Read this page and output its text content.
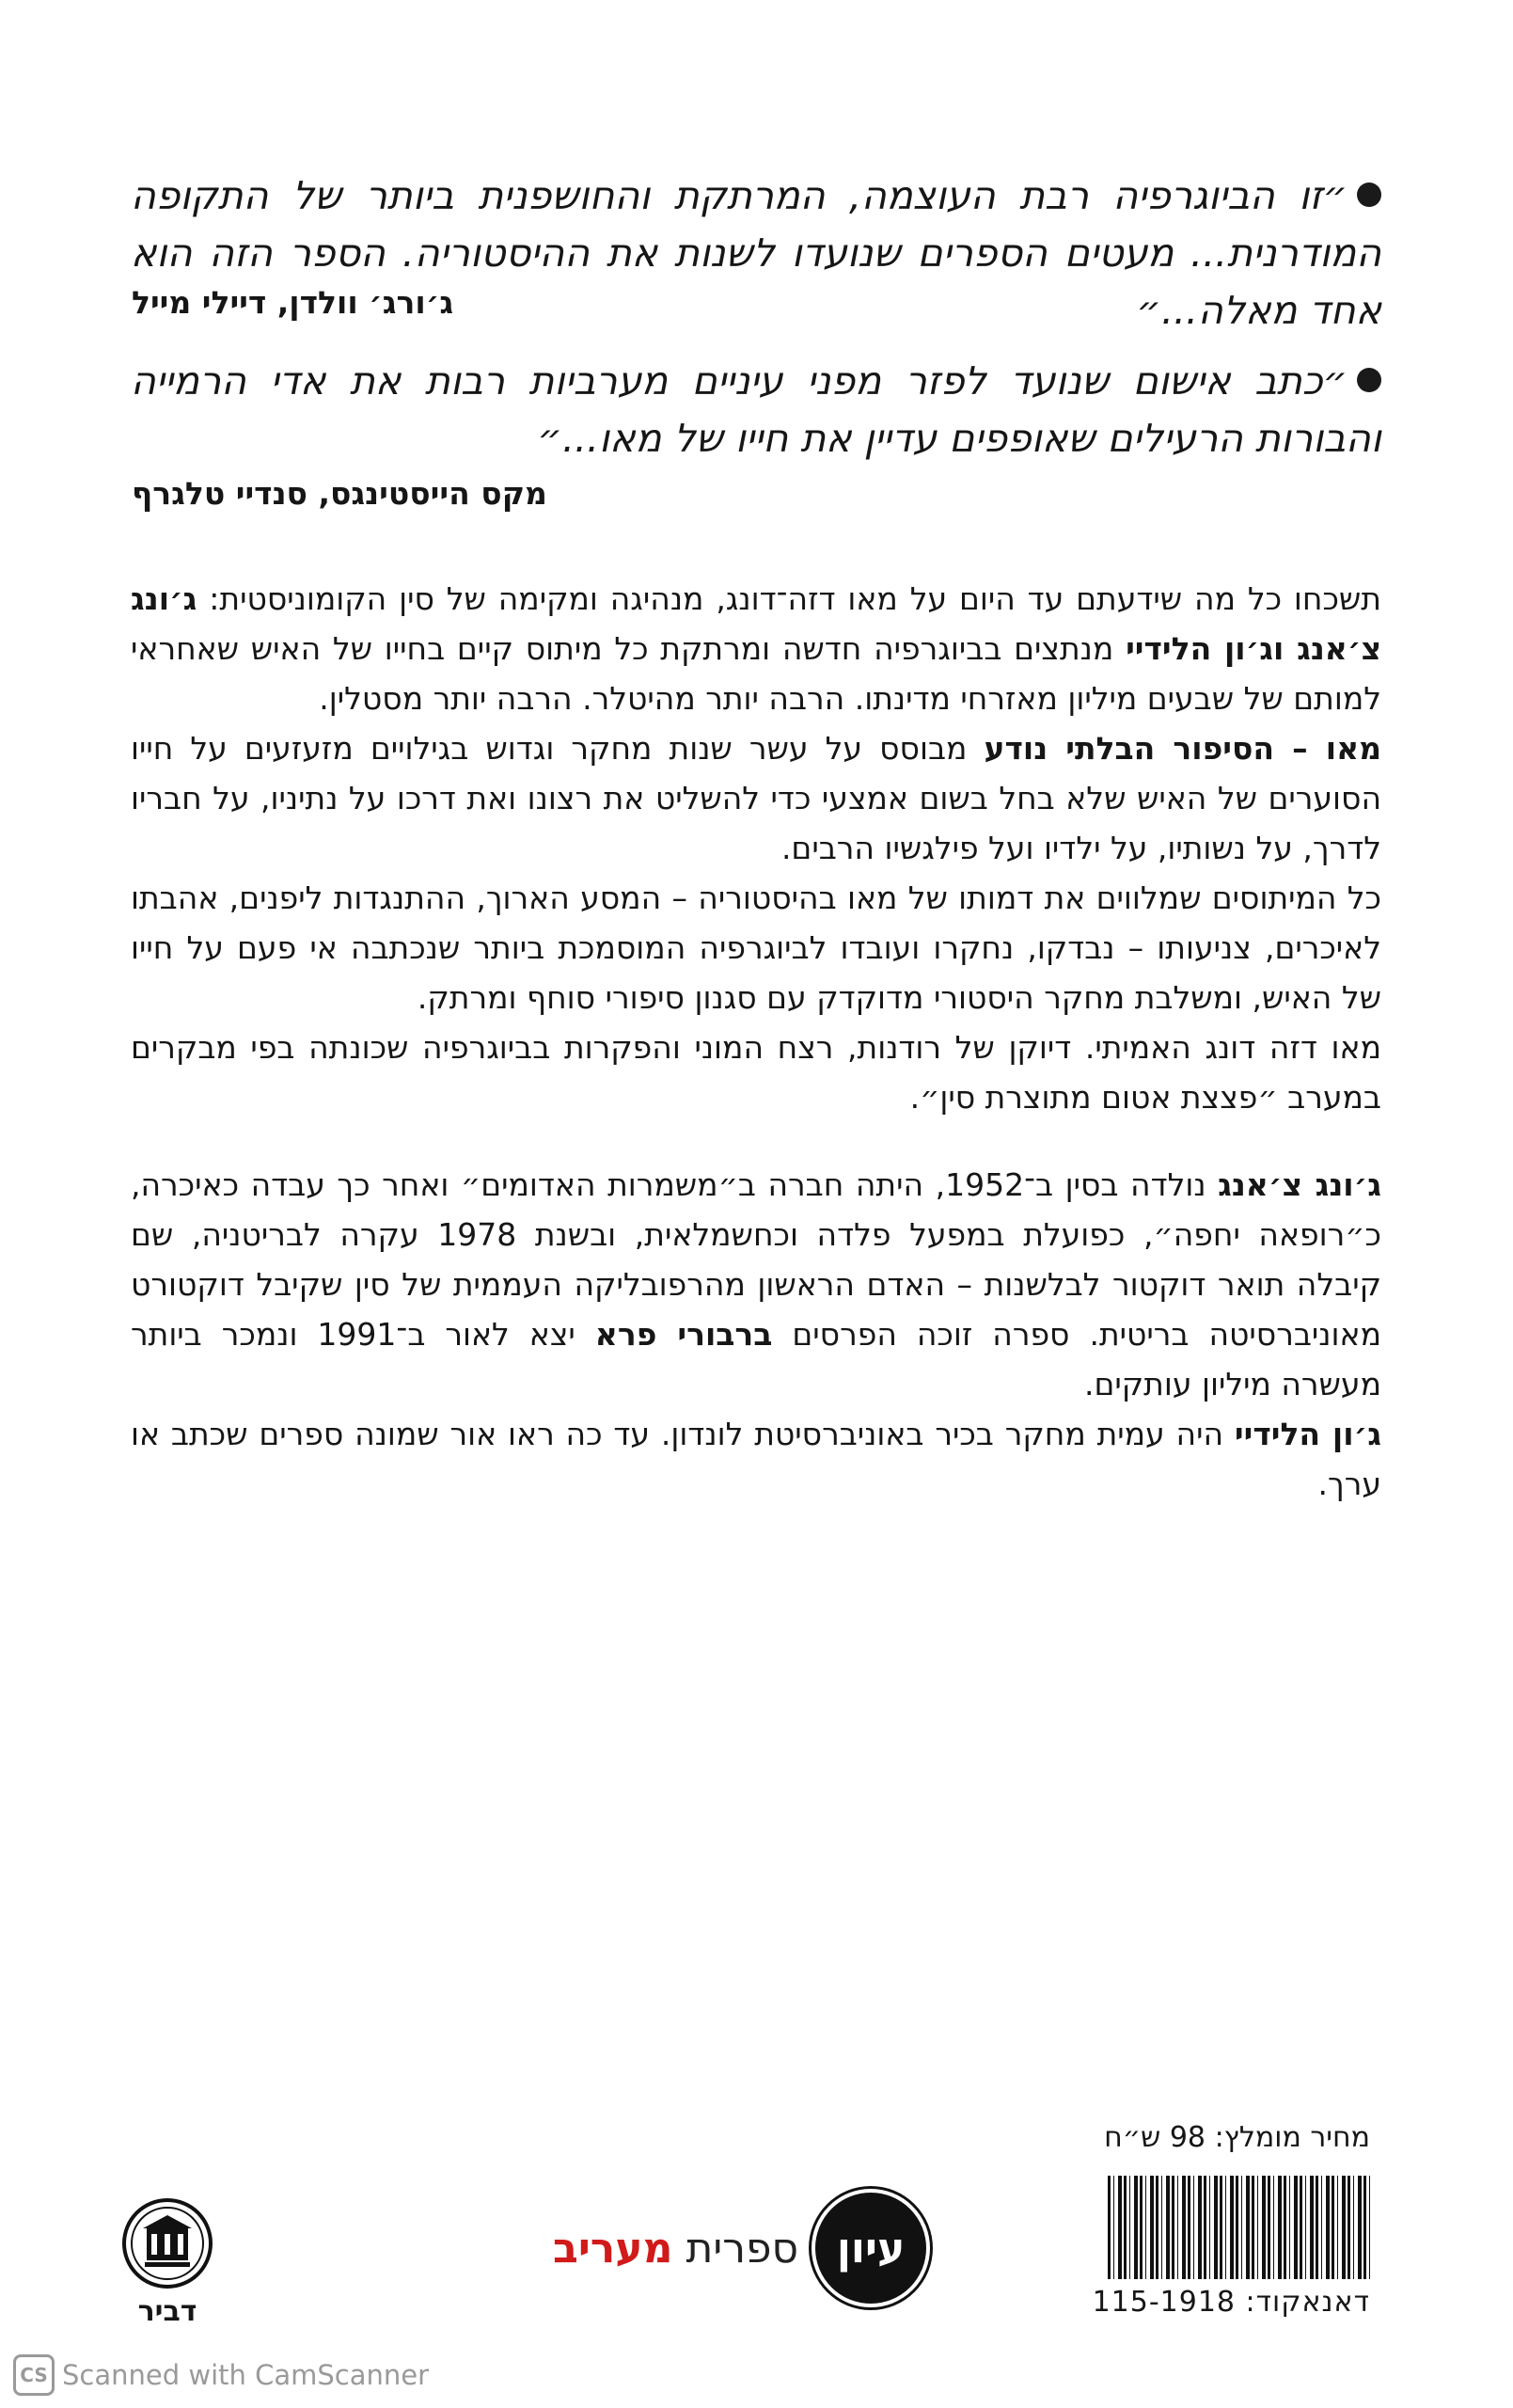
״זו הביוגרפיה רבת העוצמה, המרתקת והחושפנית ביותר של התקופה המודרנית... מעטים הספרים שנועדו לשנות את ההיסטוריה. הספר הזה הוא אחד מאלה...״

ג׳ורג׳ וולדן, דיילי מייל

״כתב אישום שנועד לפזר מפני עיניים מערביות רבות את אדי הרמייה והבורות הרעילים שאופפים עדיין את חייו של מאו...״

מקס הייסטינגס, סנדיי טלגרף

תשכחו כל מה שידעתם עד היום על מאו דזה־דונג, מנהיגה ומקימה של סין הקומוניסטית: ג׳ונג צ׳אנג וג׳ון הלידיי מנתצים בביוגרפיה חדשה ומרתקת כל מיתוס קיים בחייו של האיש שאחראי למותם של שבעים מיליון מאזרחי מדינתו. הרבה יותר מהיטלר. הרבה יותר מסטלין.

מאו – הסיפור הבלתי נודע מבוסס על עשר שנות מחקר וגדוש בגילויים מזעזעים על חייו הסוערים של האיש שלא בחל בשום אמצעי כדי להשליט את רצונו ואת דרכו על נתיניו, על חבריו לדרך, על נשותיו, על ילדיו ועל פילגשיו הרבים.

כל המיתוסים שמלווים את דמותו של מאו בהיסטוריה – המסע הארוך, ההתנגדות ליפנים, אהבתו לאיכרים, צניעותו – נבדקו, נחקרו ועובדו לביוגרפיה המוסמכת ביותר שנכתבה אי פעם על חייו של האיש, ומשלבת מחקר היסטורי מדוקדק עם סגנון סיפורי סוחף ומרתק.

מאו דזה דונג האמיתי. דיוקן של רודנות, רצח המוני והפקרות בביוגרפיה שכונתה בפי מבקרים במערב ״פצצת אטום מתוצרת סין״.

ג׳ונג צ׳אנג נולדה בסין ב־1952, היתה חברה ב״משמרות האדומים״ ואחר כך עבדה כאיכרה, כ״רופאה יחפה״, כפועלת במפעל פלדה וכחשמלאית, ובשנת 1978 עקרה לבריטניה, שם קיבלה תואר דוקטור לבלשנות – האדם הראשון מהרפובליקה העממית של סין שקיבל דוקטורט מאוניברסיטה בריטית. ספרה זוכה הפרסים ברבורי פרא יצא לאור ב־1991 ונמכר ביותר מעשרה מיליון עותקים.

ג׳ון הלידיי היה עמית מחקר בכיר באוניברסיטת לונדון. עד כה ראו אור שמונה ספרים שכתב או ערך.

מחיר מומלץ: 98 ש״ח
דאנאקוד: 115-1918
עיון
ספרית מעריב
דביר
CS Scanned with CamScanner
